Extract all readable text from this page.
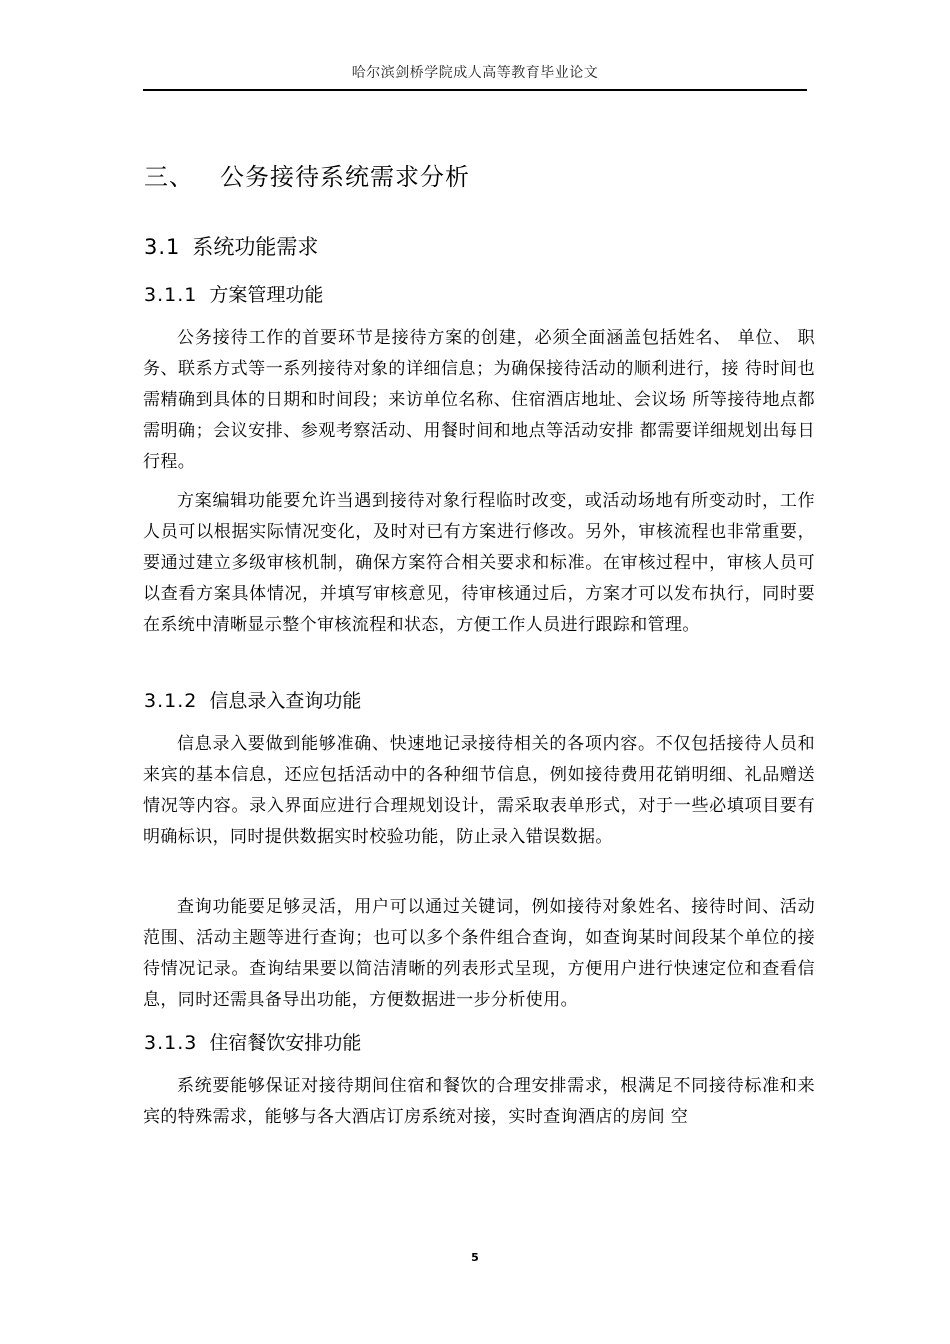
哈尔滨剑桥学院成人高等教育毕业论文
三、 公务接待系统需求分析
3.1 系统功能需求
3.1.1 方案管理功能

公务接待工作的首要环节是接待方案的创建，必须全面涵盖包括姓名、 单位、 职务、联系方式等一系列接待对象的详细信息；为确保接待活动的顺利进行，接 待时间也需精确到具体的日期和时间段；来访单位名称、住宿酒店地址、会议场 所等接待地点都需明确；会议安排、参观考察活动、用餐时间和地点等活动安排 都需要详细规划出每日行程。

方案编辑功能要允许当遇到接待对象行程临时改变，或活动场地有所变动时，工作人员可以根据实际情况变化，及时对已有方案进行修改。另外，审核流程也非常重要，要通过建立多级审核机制，确保方案符合相关要求和标准。在审核过程中，审核人员可以查看方案具体情况，并填写审核意见，待审核通过后，方案才可以发布执行，同时要在系统中清晰显示整个审核流程和状态，方便工作人员进行跟踪和管理。

3.1.2 信息录入查询功能

信息录入要做到能够准确、快速地记录接待相关的各项内容。不仅包括接待人员和来宾的基本信息，还应包括活动中的各种细节信息，例如接待费用花销明细、礼品赠送情况等内容。录入界面应进行合理规划设计，需采取表单形式，对于一些必填项目要有明确标识，同时提供数据实时校验功能，防止录入错误数据。

查询功能要足够灵活，用户可以通过关键词，例如接待对象姓名、接待时间、活动范围、活动主题等进行查询；也可以多个条件组合查询，如查询某时间段某个单位的接待情况记录。查询结果要以简洁清晰的列表形式呈现，方便用户进行快速定位和查看信息，同时还需具备导出功能，方便数据进一步分析使用。

3.1.3 住宿餐饮安排功能

系统要能够保证对接待期间住宿和餐饮的合理安排需求，根满足不同接待标准和来宾的特殊需求，能够与各大酒店订房系统对接，实时查询酒店的房间 空

5
